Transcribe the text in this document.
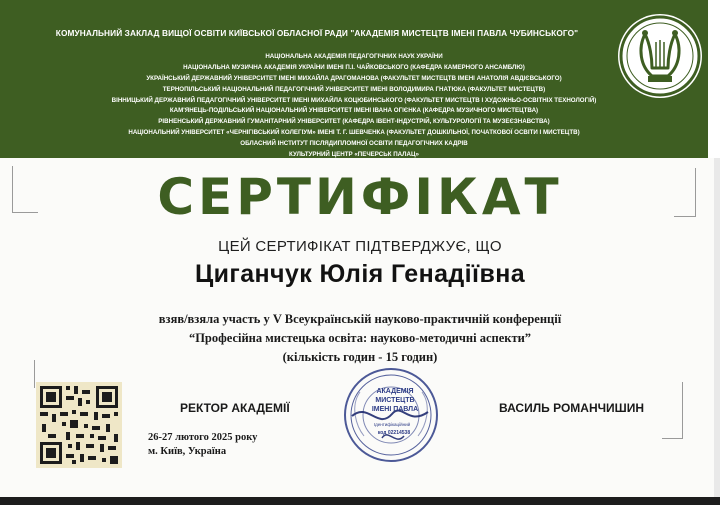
КОМУНАЛЬНИЙ ЗАКЛАД ВИЩОЇ ОСВІТИ КИЇВСЬКОЇ ОБЛАСНОЇ РАДИ "АКАДЕМІЯ МИСТЕЦТВ ІМЕНІ ПАВЛА ЧУБИНСЬКОГО"
НАЦІОНАЛЬНА АКАДЕМІЯ ПЕДАГОГІЧНИХ НАУК УКРАЇНИ
НАЦІОНАЛЬНА МУЗИЧНА АКАДЕМІЯ УКРАЇНИ ІМЕНІ П.І. ЧАЙКОВСЬКОГО (КАФЕДРА КАМЕРНОГО АНСАМБЛЮ)
УКРАЇНСЬКИЙ ДЕРЖАВНИЙ УНІВЕРСИТЕТ ІМЕНІ МИХАЙЛА ДРАГОМАНОВА (ФАКУЛЬТЕТ МИСТЕЦТВ ІМЕНІ АНАТОЛІЯ АВДІЄВСЬКОГО)
ТЕРНОПІЛЬСЬКИЙ НАЦІОНАЛЬНИЙ ПЕДАГОГІЧНИЙ УНІВЕРСИТЕТ ІМЕНІ ВОЛОДИМИРА ГНАТЮКА (ФАКУЛЬТЕТ МИСТЕЦТВ)
ВІННИЦЬКИЙ ДЕРЖАВНИЙ ПЕДАГОГІЧНИЙ УНІВЕРСИТЕТ ІМЕНІ МИХАЙЛА КОЦЮБИНСЬКОГО (ФАКУЛЬТЕТ МИСТЕЦТВ І ХУДОЖНЬО-ОСВІТНІХ ТЕХНОЛОГІЙ)
КАМ'ЯНЕЦЬ-ПОДІЛЬСЬКИЙ НАЦІОНАЛЬНИЙ УНІВЕРСИТЕТ ІМЕНІ ІВАНА ОГІЄНКА (КАФЕДРА МУЗИЧНОГО МИСТЕЦТВА)
РІВНЕНСЬКИЙ ДЕРЖАВНИЙ ГУМАНІТАРНИЙ УНІВЕРСИТЕТ (КАФЕДРА ІВЕНТ-ІНДУСТРІЙ, КУЛЬТУРОЛОГІЇ ТА МУЗЕЄЗНАВСТВА)
НАЦІОНАЛЬНИЙ УНІВЕРСИТЕТ «ЧЕРНІГІВСЬКИЙ КОЛЕГІУМ» ІМЕНІ Т. Г. ШЕВЧЕНКА (ФАКУЛЬТЕТ ДОШКІЛЬНОЇ, ПОЧАТКОВОЇ ОСВІТИ І МИСТЕЦТВ)
ОБЛАСНИЙ ІНСТИТУТ ПІСЛЯДИПЛОМНОЇ ОСВІТИ ПЕДАГОГІЧНИХ КАДРІВ
КУЛЬТУРНИЙ ЦЕНТР «ПЕЧЕРСЬК ПАЛАЦ»
СЕРТИФІКАТ
ЦЕЙ СЕРТИФІКАТ ПІДТВЕРДЖУЄ, ЩО
Циганчук Юлія Генадіївна
взяв/взяла участь у V Всеукраїнській науково-практичній конференції
“Професійна мистецька освіта: науково-методичні аспекти”
(кількість годин - 15 годин)
РЕКТОР АКАДЕМІЇ	ВАСИЛЬ РОМАНЧИШИН
26-27 лютого 2025 року
м. Київ, Україна
АКАДЕМІЯ
МИСТЕЦТВ
ІМЕНІ ПАВЛА
Ідентифікаційний
код 02214538
